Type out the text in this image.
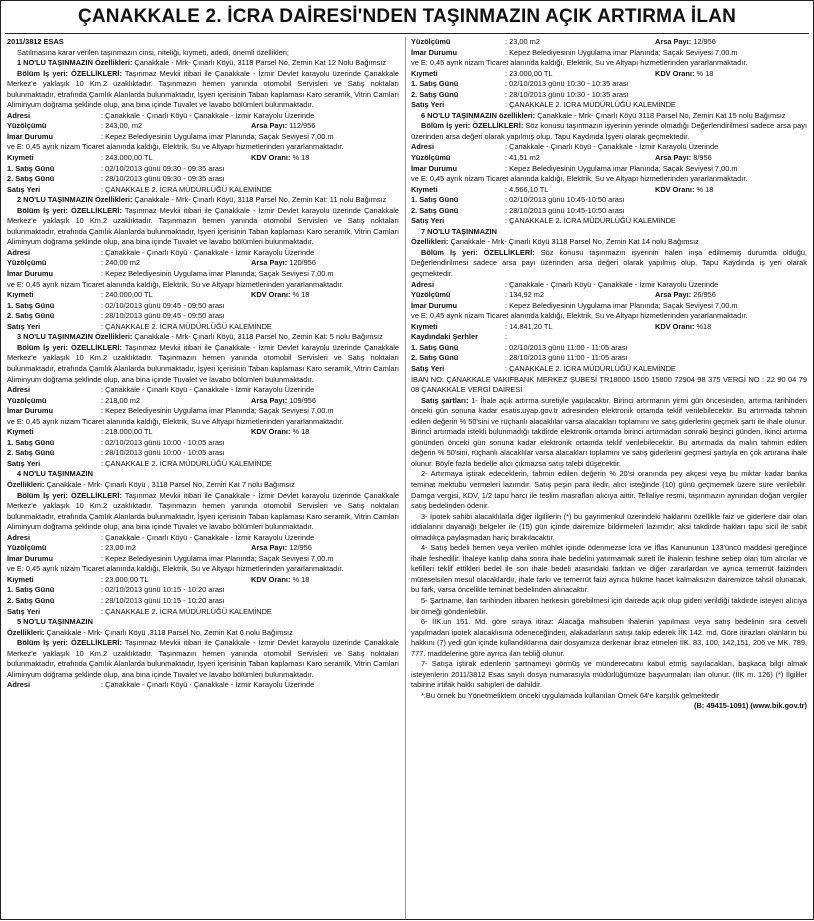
ÇANAKKALE 2. İCRA DAİRESİ'NDEN TAŞINMAZIN AÇIK ARTIRMA İLAN
2011/3812 ESAS
Satılmasına karar verilen taşınmazın cinsi, niteliği, kıymeti, adedi, önemli özellikleri;
1 NO'LU TAŞINMAZIN Özellikleri: Çanakkale - Mrk- Çınarlı Köyü, 3118 Parsel No, Zemin Kat 12 Nolu Bağımsız
Bölüm İş yeri: ÖZELLİKLERİ: Taşınmaz Mevkii itibari ile Çanakkale - İzmir Devlet karayolu üzerinde Çanakkale Merkez'e yaklaşık 10 Km.2 uzaklıktadır. Taşınmazın hemen yanında otomobil Servisleri ve Satış noktaları bulunmaktadır, etrafında Çamlık Alanlarda bulunmaktadır, İşyeri içerisinin Taban kaplaması Karo seramik, Vitrin Camları Aliminyum doğrama şeklinde olup, ana bina içinde Tuvalet ve lavabo bölümleri bulunmaktadır.
Adresi	: Çanakkale - Çınarlı Köyü - Çanakkale - İzmir Karayolu Üzerinde
Yüzölçümü	: 243,00, m2	Arsa Payı:
112/956
İmar Durumu	: Kepez Belediyesinin Uygulama imar Planında; Saçak Seviyesi 7,00.m
ve E: 0,45 ayrık nizam Ticaret alanında kaldığı, Elektrik, Su ve Altyapı hizmetlerinden yararlanmaktadır.
Kıymeti	: 243.000,00 TL	KDV Oranı:
% 18
1. Satış Günü	: 02/10/2013 günü 09:30 - 09:35 arası
2. Satış Günü	: 28/10/2013 günü 09:30 - 09:35 arası
Satış Yeri	: ÇANAKKALE 2. İCRA MÜDÜRLÜĞÜ KALEMİNDE
2 NO'LU TAŞINMAZIN Özellikleri: Çanakkale - Mrk- Çınarlı Köyü, 3118 Parsel No, Zemin Kat: 11 nolu Bağımsız
Bölüm İş yeri: ÖZELLİKLERİ: Taşınmaz Mevkii itibari ile Çanakkale - İzmir Devlet karayolu üzerinde Çanakkale Merkez'e yaklaşık 10 Km.2 uzaklıktadır. Taşınmazın hemen yanında otomobil Servisleri ve Satış noktaları bulunmaktadır, etrafında Çamlık Alanlarda bulunmaktadır, İşyeri içerisinin Taban kaplaması Karo seramik, Vitrin Camları Aliminyum doğrama şeklinde olup, ana bina içinde Tuvalet ve lavabo bölümleri bulunmaktadır.
Adresi	: Çanakkale - Çınarlı Köyü - Çanakkale - İzmir Karayolu Üzerinde
Yüzölçümü	: 240,00 m2	Arsa Payı:
120/956
İmar Durumu	: Kepez Belediyesinin Uygulama imar Planında; Saçak Seviyesi 7,00.m
ve E: 0,45 ayrık nizam Ticaret alanında kaldığı, Elektrik, Su ve Altyapı hizmetlerinden yararlanmaktadır.
Kıymeti	: 240.000,00 TL	KDV Oranı:
% 18
1. Satış Günü	: 02/10/2013 günü 09:45 - 09:50 arası
2. Satış Günü	: 28/10/2013 günü 09:45 - 09:50 arası
Satış Yeri	: ÇANAKKALE 2. İCRA MÜDÜRLÜĞÜ KALEMİNDE
3 NO'LU TAŞINMAZIN Özellikleri: Çanakkale - Mrk- Çınarlı Köyü, 3118 Parsel No, Zemin Kat: 5 nolu Bağımsız
Bölüm İş yeri: ÖZELLİKLERİ: Taşınmaz Mevkii itibari ile Çanakkale - İzmir Devlet karayolu üzerinde Çanakkale Merkez'e yaklaşık 10 Km.2 uzaklıktadır. Taşınmazın hemen yanında otomobil Servisleri ve Satış noktaları bulunmaktadır, etrafında Çamlık Alanlarda bulunmaktadır, İşyeri içerisinin Taban kaplaması Karo seramik, Vitrin Camları Aliminyum doğrama şeklinde olup, ana bina içinde Tuvalet ve lavabo bölümleri bulunmaktadır.
Adresi	: Çanakkale - Çınarlı Köyü - Çanakkale - İzmir Karayolu Üzerinde
Yüzölçümü	: 218,00 m2	Arsa Payı:
109/956
İmar Durumu	: Kepez Belediyesinin Uygulama imar Planında; Saçak Seviyesi 7,00.m
ve E: 0,45 ayrık nizam Ticaret alanında kaldığı, Elektrik, Su ve Altyapı hizmetlerinden yararlanmaktadır.
Kıymeti	: 218.000,00 TL	KDV Oranı:
% 18
1. Satış Günü	: 02/10/2013 günü 10:00 - 10:05 arası
2. Satış Günü	: 28/10/2013 günü 10:00 - 10:05 arası
Satış Yeri	: ÇANAKKALE 2. İCRA MÜDÜRLÜĞÜ KALEMİNDE
4 NO'LU TAŞINMAZIN
Özellikleri: Çanakkale - Mrk- Çınarlı Köyü , 3118 Parsel No, Zemin Kat 7 nolu Bağımsız
Bölüm İş yeri: ÖZELLİKLERİ: Taşınmaz Mevkii itibari ile Çanakkale - İzmir Devlet karayolu üzerinde Çanakkale Merkez'e yaklaşık 10 Km.2 uzaklıktadır. Taşınmazın hemen yanında otomobil Servisleri ve Satış noktaları bulunmaktadır, etrafında Çamlık Alanlarda bulunmaktadır, İşyeri içerisinin Taban kaplaması Karo seramik, Vitrin Camları Aliminyum doğrama şeklinde olup, ana bina içinde Tuvalet ve lavabo bölümleri bulunmaktadır.
Adresi	: Çanakkale - Çınarlı Köyü - Çanakkale - İzmir Karayolu Üzerinde
Yüzölçümü	: 23,00 m2	Arsa Payı:
12/956
İmar Durumu	: Kepez Belediyesinin Uygulama imar Planında; Saçak Seviyesi 7,00.m
ve E: 0,45 ayrık nizam Ticaret alanında kaldığı, Elektrik, Su ve Altyapı hizmetlerinden yararlanmaktadır.
Kıymeti	: 23.000,00 TL	KDV Oranı:
% 18
1. Satış Günü	: 02/10/2013 günü 10:15 - 10:20 arası
2. Satış Günü	: 28/10/2013 günü 10:15 - 10:20 arası
Satış Yeri	: ÇANAKKALE 2. İCRA MÜDÜRLÜĞÜ KALEMİNDE
5 NO'LU TAŞINMAZIN
Özellikleri: Çanakkale - Mrk- Çınarlı Köyü ,3118 Parsel No, Zemin Kat 6 nolu Bağımsız
Bölüm İş yeri: ÖZELLİKLERİ: Taşınmaz Mevkii itibari ile Çanakkale - İzmir Devlet karayolu üzerinde Çanakkale Merkez'e yaklaşık 10 Km.2 uzaklıktadır. Taşınmazın hemen yanında otomobil Servisleri ve Satış noktaları bulunmaktadır, etrafında Çamlık Alanlarda bulunmaktadır, İşyeri içerisinin Taban kaplaması Karo seramik, Vitrin Camları Aliminyum doğrama şeklinde olup, ana bina içinde Tuvalet ve lavabo bölümleri bulunmaktadır.
Adresi	: Çanakkale - Çınarlı Köyü - Çanakkale - İzmir Karayolu Üzerinde
Yüzölçümü	: 23,00 m2	Arsa Payı:
12/956
İmar Durumu	: Kepez Belediyesinin Uygulama imar Planında; Saçak Seviyesi 7,00.m
ve E: 0,45 ayrık nizam Ticaret alanında kaldığı, Elektrik, Su ve Altyapı hizmetlerinden yararlanmaktadır.
Kıymeti	: 23.000,00 TL	KDV Oranı:
% 18
1. Satış Günü	: 02/10/2013 günü 10:30 - 10:35 arası
2. Satış Günü	: 28/10/2013 günü 10:30 - 10:35 arası
Satış Yeri	: ÇANAKKALE 2. İCRA MÜDÜRLÜĞÜ KALEMİNDE
6 NO'LU TAŞINMAZIN özellikleri: Çanakkale - Mrk- Çınarlı Köyü 3118 Parsel No, Zemin Kat 15 nolu Bağımsız
Bölüm İş yeri: ÖZELLİKLERİ: Söz konusu taşınmazın işyerinin yerinde olmadığı Değerlendirilmesi sadece arsa payı üzerinden arsa değeri olarak yapılmış olup. Tapu Kaydında İşyeri olarak geçmektedir.
Adresi	: Çanakkale - Çınarlı Köyü - Çanakkale - İzmir Karayolu Üzerinde
Yüzölçümü	: 41,51 m2	Arsa Payı:
8/956
İmar Durumu	: Kepez Belediyesinin Uygulama imar Planında; Saçak Seviyesi 7,00.m
ve E: 0,45 ayrık nizam Ticaret alanında kaldığı, Elektrik, Su ve Altyapı hizmetlerinden yararlanmaktadır.
Kıymeti	: 4.566,10 TL	KDV Oranı:
% 18
1. Satış Günü	: 02/10/2013 günü 10:45-10:50 arası
2. Satış Günü	: 28/10/2013 günü 10:45-10:50 arası
Satış Yeri	: ÇANAKKALE 2. İCRA MÜDÜRLÜĞÜ KALEMİNDE
7 NO'LU TAŞINMAZIN
Özellikleri: Çanakkale - Mrk- Çınarlı Köyü 3118 Parsel No, Zemin Kat 14 nolu Bağımsız
Bölüm İş yeri: ÖZELLİKLERİ: Söz konusu taşınmazın işyerinin halen inşa edilmemiş durumda olduğu, Değerlendirilmesi sadece arsa payı üzerinden arsa değeri olarak yapılmış olup, Tapu Kaydında iş yeri olarak geçmektedir.
Adresi	: Çanakkale - Çınarlı Köyü - Çanakkale - İzmir Karayolu Üzerinde
Yüzölçümü	: 134,92 m2	Arsa Payı:
26/956
İmar Durumu	: Kepez Belediyesinin Uygulama imar Planında; Saçak Seviyesi 7,00.m
ve E: 0,45 ayrık nizam Ticaret alanında kaldığı, Elektrik, Su ve Altyapı hizmetlerinden yararlanmaktadır.
Kıymeti	: 14.841,20 TL	KDV Oranı:
%18
Kaydındaki Şerhler	:
1. Satış Günü	: 02/10/2013 günü 11:00 - 11:05 arası
2. Satış Günü	: 28/10/2013 günü 11:00 - 11:05 arası
Satış Yeri	: ÇANAKKALE 2. İCRA MÜDÜRLÜĞÜ KALEMİNDE
İBAN NO: ÇANAKKALE VAKIFBANK MERKEZ ŞUBESİ TR18000 1500 15800 72904 98 375 VERGİ NO : 22 90 04 79 08 ÇANAKKALE VERGİ DAİRESİ
Satış şartları: 1- İhale açık artırma suretiyle yapılacaktır. Birinci artırmanın yirmi gün öncesinden, artırma tarihinden önceki gün sonuna kadar esatis.uyap.gov.tr adresinden elektronik ortamda teklif verilebilecektir. Bu artırmada tahmin edilen değerin % 50'sini ve rüçhanlı alacaklılar varsa alacakları toplamını ve satış giderlerini geçmek şartı ile ihale olunur. Birinci artırmada istekli bulunmadığı takdirde elektronik ortamda birinci artırmadan sonraki beşinci günden, ikinci artırma gününden önceki gün sonuna kadar elektronik ortamda teklif verilebilecektir. Bu artırmada da malın tahmin edilen değerin % 50'sini, rüçhanlı alacaklılar varsa alacakları toplamını ve satış giderlerini geçmesi şartıyla en çok artırana ihale olunur. Böyle fazla bedelle alıcı çıkmazsa satış talebi düşecektir.
2- Artırmaya iştirak edeceklerin, tahmin edilen değerin % 20'si oranında pey akçesi veya bu miktar kadar banka teminat mektubu vermeleri lazımdır. Satış peşin para iledir, alıcı isteğinde (10) günü geçmemek üzere süre verilebilir. Damga vergisi, KDV, 1/2 tapu harcı ile teslim masrafları alıcıya aittir. Tellaliye resmi, taşınmazın aynından doğan vergiler satış bedelinden ödenir.
3- İpotek sahibi alacaklılarla diğer ilgililerin (*) bu gayrimenkul üzerindeki haklarını özellikle faiz ve giderlere dair olan iddialarını dayanağı belgeler ile (15) gün içinde dairemize bildirmeleri lazımdır; aksi takdirde hakları tapu sicil ile sabit olmadıkça paylaşmadan hariç bırakılacaktır.
4- Satış bedeli hemen veya verilen mühlet içinde ödenmezse İcra ve İflas Kanununun 133'üncü maddesi gereğince ihale feshedilir. İhaleye katılıp daha sonra ihale bedelini yatırmamak sureti ile ihalenin feshine sebep olan tüm alıcılar ve kefilleri teklif ettikleri bedel ile son ihale bedeli arasındaki farktan ve diğer zararlardan ve ayrıca temerrüt faizinden müteselsilen mesul olacaklardır, ihale farkı ve temerrüt faizi ayrıca hükme hacet kalmaksızın dairemizce tahsil olunacak, bu fark, varsa öncelikle teminat bedelinden alınacaktır.
5- Şartname, ilan tarihinden itibaren herkesin görebilmesi için dairede açık olup gideri verildiği takdirde isteyen alıcıya bir örneği gönderilebilir.
6- İİK.un 151. Md. göre sıraya itiraz: Alacağa mahsuben ihalenin yapılması veya satış bedelinin sıra cetveli yapılmadan ipotek alacaklısına ödeneceğinden, alakadarların satışı takip ederek İİK 142. md, Göre itirazları olanların bu hakkını (7) yedi gün içinde kullandıklarına dair dosyamıza derkenar ibraz etmeleri İİK. 83, 100, 142,151, 206 ve MK. 789, 777. maddelerine göre ayrıca ilan tebliğ olunur.
7- Satışa iştirak edenlerin şartnameyi görmüş ve münderecatını kabul etmiş sayılacakları, başkaca bilgi almak isteyenlerin 2011/3812 Esas sayılı dosya numarasıyla müdürlüğümüze başvurmaları ilan olunur. (İİK m. 126) (*) İlgililer tabirine irtifak hakkı sahipleri de dahildir.
*:Bu örnek bu Yönetmeliktem önceki uygulamada kullanılan Örnek 64'e karşılık gelmektedir
(B: 49415-1091) (www.bik.gov.tr)
